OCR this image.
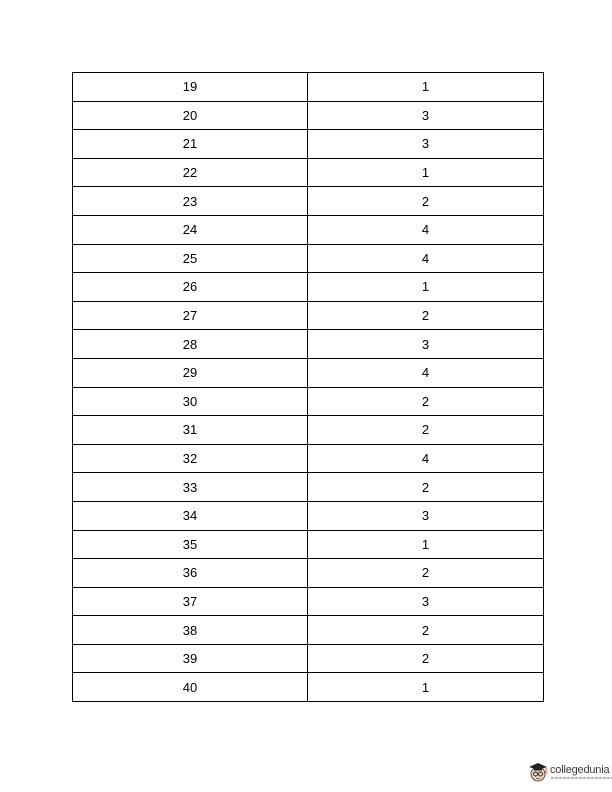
19	1
20	3
21	3
22	1
23	2
24	4
25	4
26	1
27	2
28	3
29	4
30	2
31	2
32	4
33	2
34	3
35	1
36	2
37	3
38	2
39	2
40	1
collegedunia
